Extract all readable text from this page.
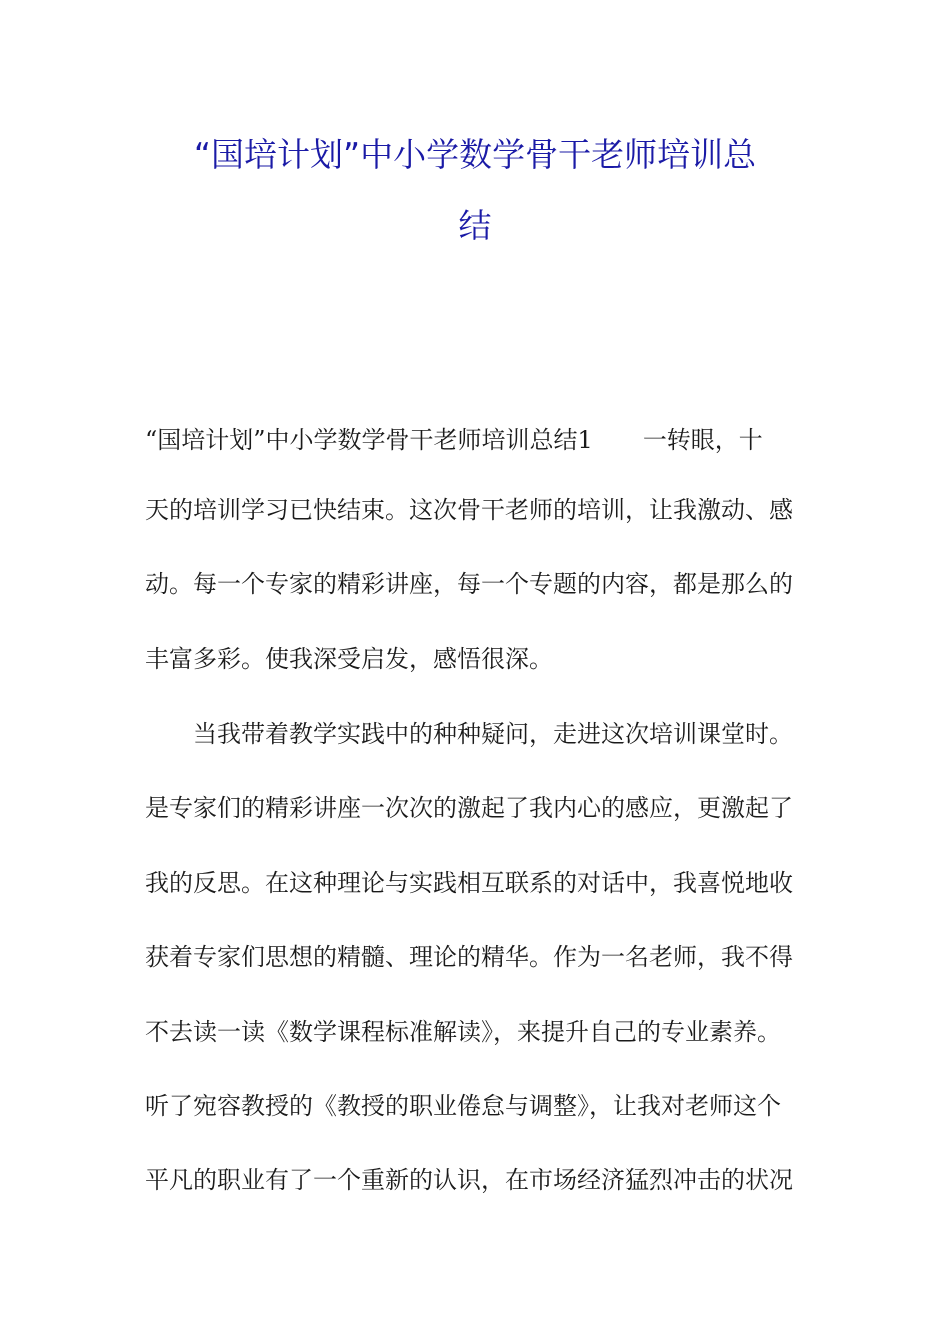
“国培计划”中小学数学骨干老师培训总
结
“国培计划”中小学数学骨干老师培训总结1 一转眼，十
天的培训学习已快结束。这次骨干老师的培训，让我激动、感
动。每一个专家的精彩讲座，每一个专题的内容，都是那么的
丰富多彩。使我深受启发，感悟很深。
当我带着教学实践中的种种疑问，走进这次培训课堂时。
是专家们的精彩讲座一次次的激起了我内心的感应，更激起了
我的反思。在这种理论与实践相互联系的对话中，我喜悦地收
获着专家们思想的精髓、理论的精华。作为一名老师，我不得
不去读一读《数学课程标准解读》，来提升自己的专业素养。
听了宛容教授的《教授的职业倦怠与调整》，让我对老师这个
平凡的职业有了一个重新的认识，在市场经济猛烈冲击的状况
